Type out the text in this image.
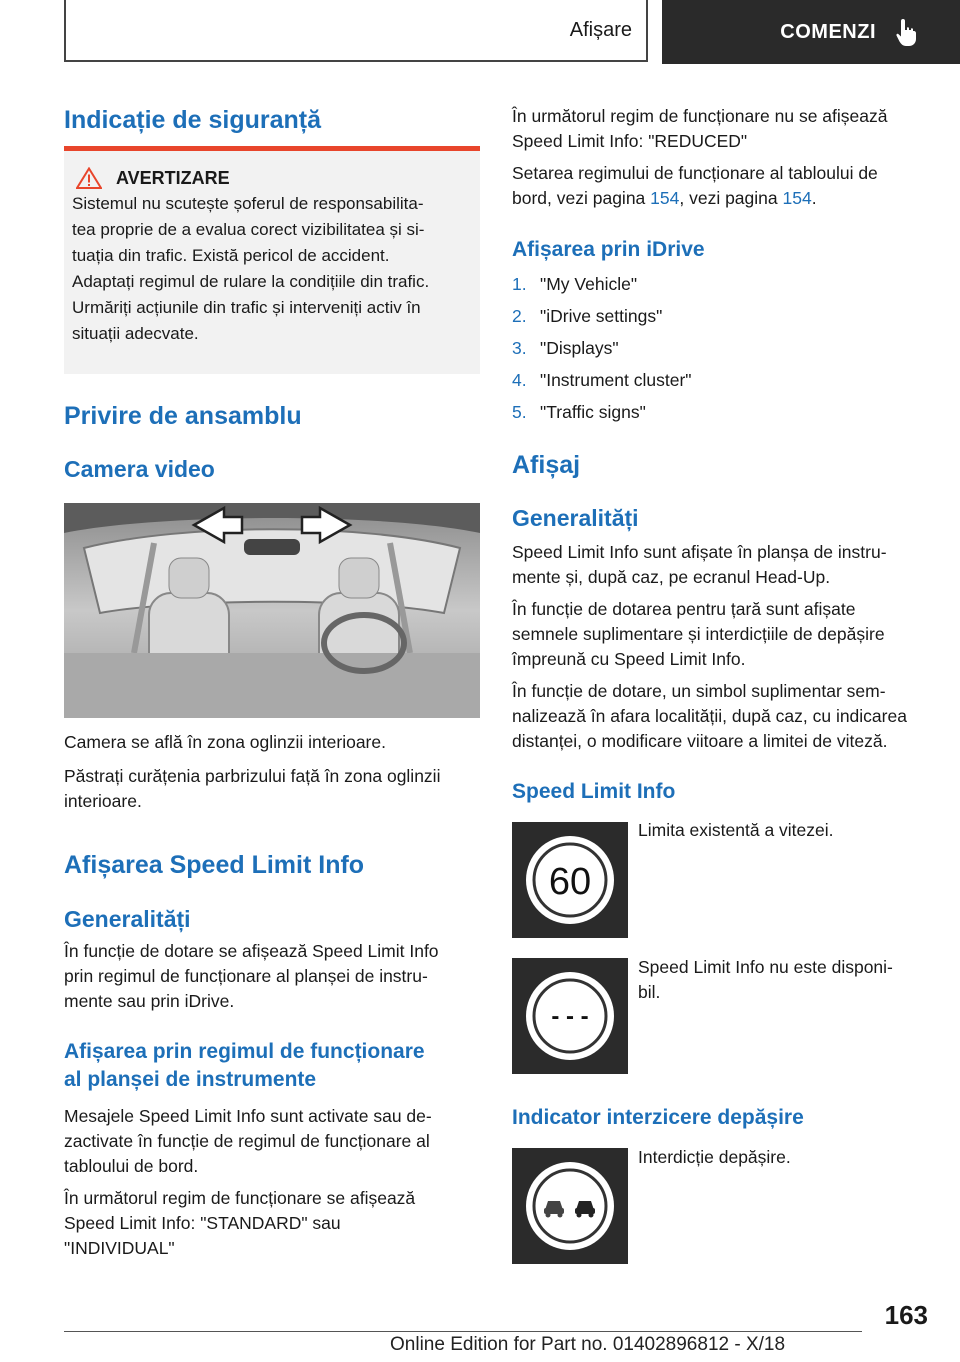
Afișare	COMENZI
Indicație de siguranță
AVERTIZARE

Sistemul nu scutește șoferul de responsabilita-

tea proprie de a evalua corect vizibilitatea și si-

tuația din trafic. Există pericol de accident.

Adaptați regimul de rulare la condițiile din trafic.

Urmăriți acțiunile din trafic și interveniți activ în

situații adecvate.

Privire de ansamblu
Camera video

Camera se află în zona oglinzii interioare.

Păstrați curățenia parbrizului față în zona oglinzii

interioare.

Afișarea Speed Limit Info
Generalități

În funcție de dotare se afișează Speed Limit Info

prin regimul de funcționare al planșei de instru-

mente sau prin iDrive.

Afișarea prin regimul de funcționare
al planșei de instrumente

Mesajele Speed Limit Info sunt activate sau de-

zactivate în funcție de regimul de funcționare al

tabloului de bord.

În următorul regim de funcționare se afișează

Speed Limit Info: "STANDARD" sau

"INDIVIDUAL"

În următorul regim de funcționare nu se afișează

Speed Limit Info: "REDUCED"

Setarea regimului de funcționare al tabloului de

bord, vezi pagina 154, vezi pagina 154.

Afișarea prin iDrive
1. "My Vehicle"
2. "iDrive settings"
3. "Displays"
4. "Instrument cluster"
5. "Traffic signs"
Afișaj
Generalități

Speed Limit Info sunt afișate în planșa de instru-

mente și, după caz, pe ecranul Head-Up.

În funcție de dotarea pentru țară sunt afișate

semnele suplimentare și interdicțiile de depășire

împreună cu Speed Limit Info.

În funcție de dotare, un simbol suplimentar sem-

nalizează în afara localității, după caz, cu indicarea

distanței, o modificare viitoare a limitei de viteză.

Speed Limit Info
60

Limita existentă a vitezei.

- - -

Speed Limit Info nu este disponi-

bil.

Indicator interzicere depășire

Interdicție depășire.

163
Online Edition for Part no. 01402896812 - X/18
